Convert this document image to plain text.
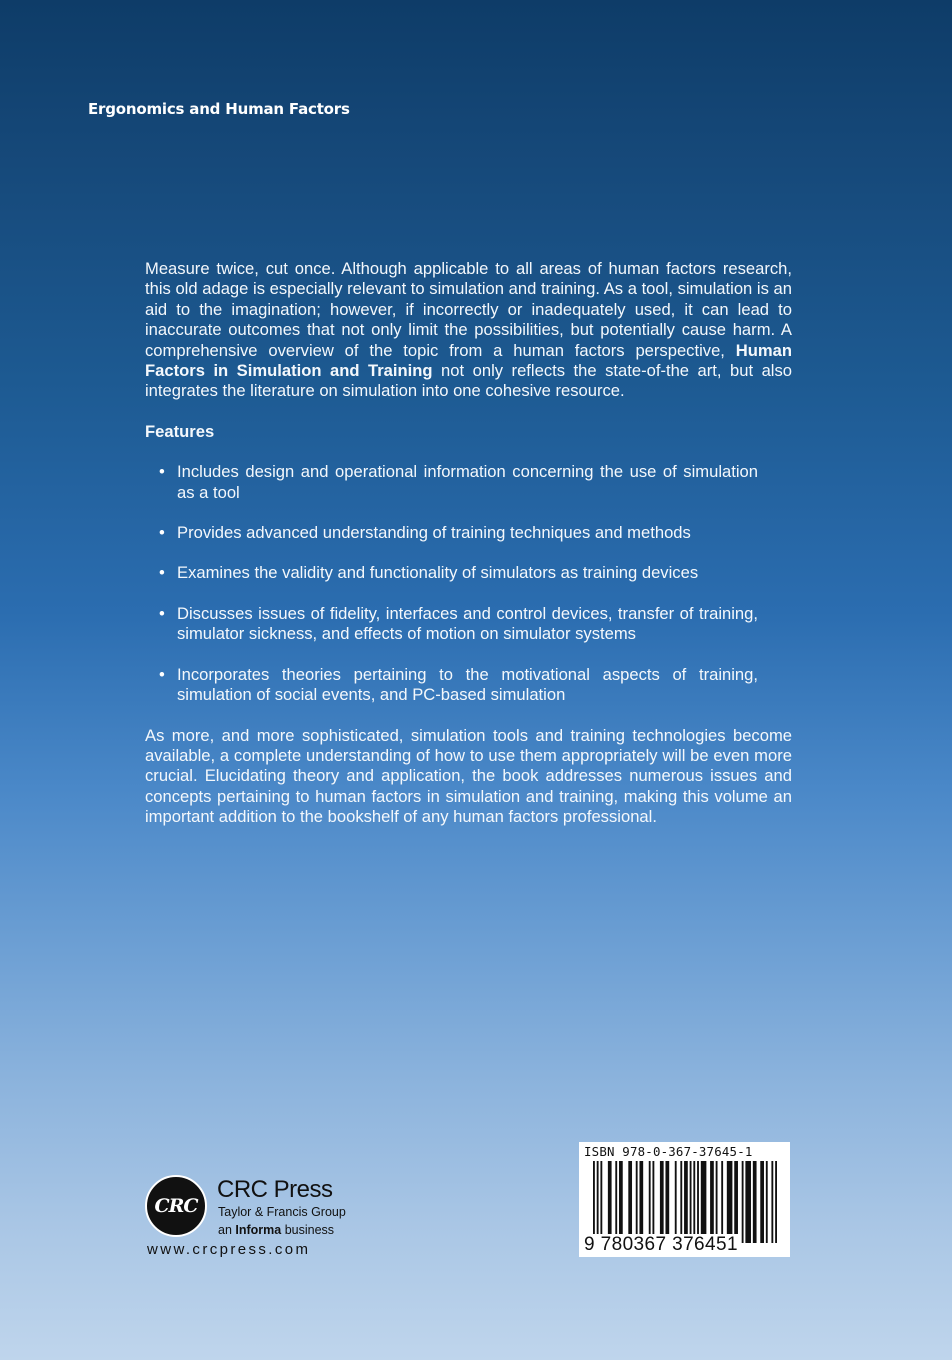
Ergonomics and Human Factors

Measure twice, cut once. Although applicable to all areas of human factors research, this old adage is especially relevant to simulation and training. As a tool, simulation is an aid to the imagination; however, if incorrectly or inadequately used, it can lead to inaccurate outcomes that not only limit the possibilities, but potentially cause harm. A comprehensive overview of the topic from a human factors perspective, Human Factors in Simulation and Training not only reflects the state-of-the art, but also integrates the literature on simulation into one cohesive resource.

Features

• Includes design and operational information concerning the use of simulation as a tool
• Provides advanced understanding of training techniques and methods
• Examines the validity and functionality of simulators as training devices
• Discusses issues of fidelity, interfaces and control devices, transfer of training, simulator sickness, and effects of motion on simulator systems
• Incorporates theories pertaining to the motivational aspects of training, simulation of social events, and PC-based simulation

As more, and more sophisticated, simulation tools and training technologies become available, a complete understanding of how to use them appropriately will be even more crucial. Elucidating theory and application, the book addresses numerous issues and concepts pertaining to human factors in simulation and training, making this volume an important addition to the bookshelf of any human factors professional.

CRC
CRC Press
Taylor & Francis Group
an Informa business
www.crcpress.com
ISBN 978-0-367-37645-1
9 780367 376451
